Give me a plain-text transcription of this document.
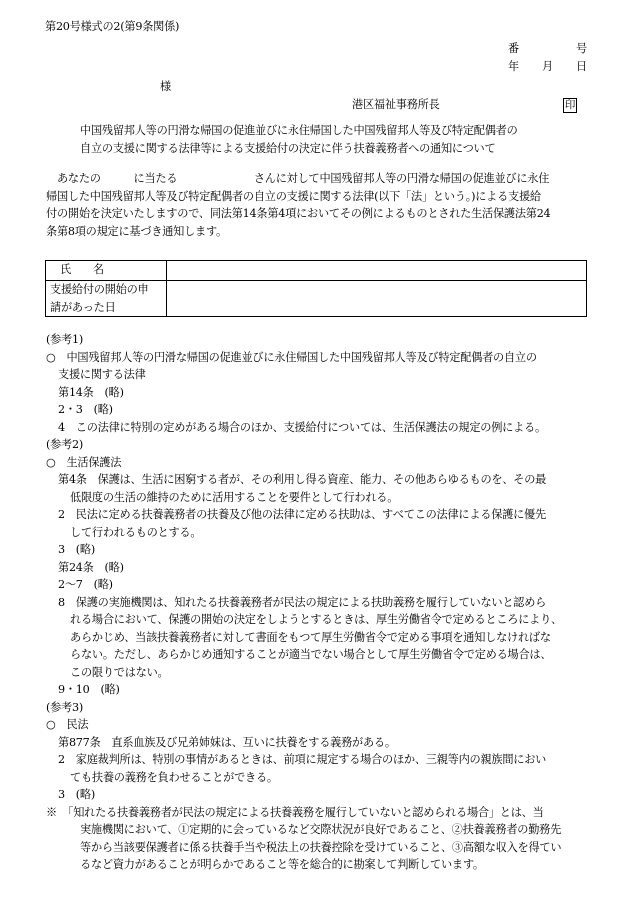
第20号様式の2(第9条関係)
番	号
年 月 日
様
港区福祉事務所長	印
中国残留邦人等の円滑な帰国の促進並びに永住帰国した中国残留邦人等及び特定配偶者の
自立の支援に関する法律等による支援給付の決定に伴う扶養義務者への通知について
　あなたの　　　に当たる　　　　　　　さんに対して中国残留邦人等の円滑な帰国の促進並びに永住
帰国した中国残留邦人等及び特定配偶者の自立の支援に関する法律(以下「法」という。)による支援給
付の開始を決定いたしますので、同法第14条第4項においてその例によるものとされた生活保護法第24
条第8項の規定に基づき通知します。
氏　　名	

支援給付の開始の申
請があった日	

(参考1)
○　中国残留邦人等の円滑な帰国の促進並びに永住帰国した中国残留邦人等及び特定配偶者の自立の
支援に関する法律
第14条　(略)
2・3　(略)
4　この法律に特別の定めがある場合のほか、支援給付については、生活保護法の規定の例による。
(参考2)
○　生活保護法
第4条　保護は、生活に困窮する者が、その利用し得る資産、能力、その他あらゆるものを、その最
低限度の生活の維持のために活用することを要件として行われる。
2　民法に定める扶養義務者の扶養及び他の法律に定める扶助は、すべてこの法律による保護に優先
して行われるものとする。
3　(略)
第24条　(略)
2〜7　(略)
8　保護の実施機関は、知れたる扶養義務者が民法の規定による扶助義務を履行していないと認めら
れる場合において、保護の開始の決定をしようとするときは、厚生労働省令で定めるところにより、
あらかじめ、当該扶養義務者に対して書面をもつて厚生労働省令で定める事項を通知しなければな
らない。ただし、あらかじめ通知することが適当でない場合として厚生労働省令で定める場合は、
この限りではない。
9・10　(略)
(参考3)
○　民法
第877条　直系血族及び兄弟姉妹は、互いに扶養をする義務がある。
2　家庭裁判所は、特別の事情があるときは、前項に規定する場合のほか、三親等内の親族間におい
ても扶養の義務を負わせることができる。
3　(略)
※　「知れたる扶養義務者が民法の規定による扶養義務を履行していないと認められる場合」とは、当
実施機関において、①定期的に会っているなど交際状況が良好であること、②扶養義務者の勤務先
等から当該要保護者に係る扶養手当や税法上の扶養控除を受けていること、③高額な収入を得てい
るなど資力があることが明らかであること等を総合的に勘案して判断しています。
